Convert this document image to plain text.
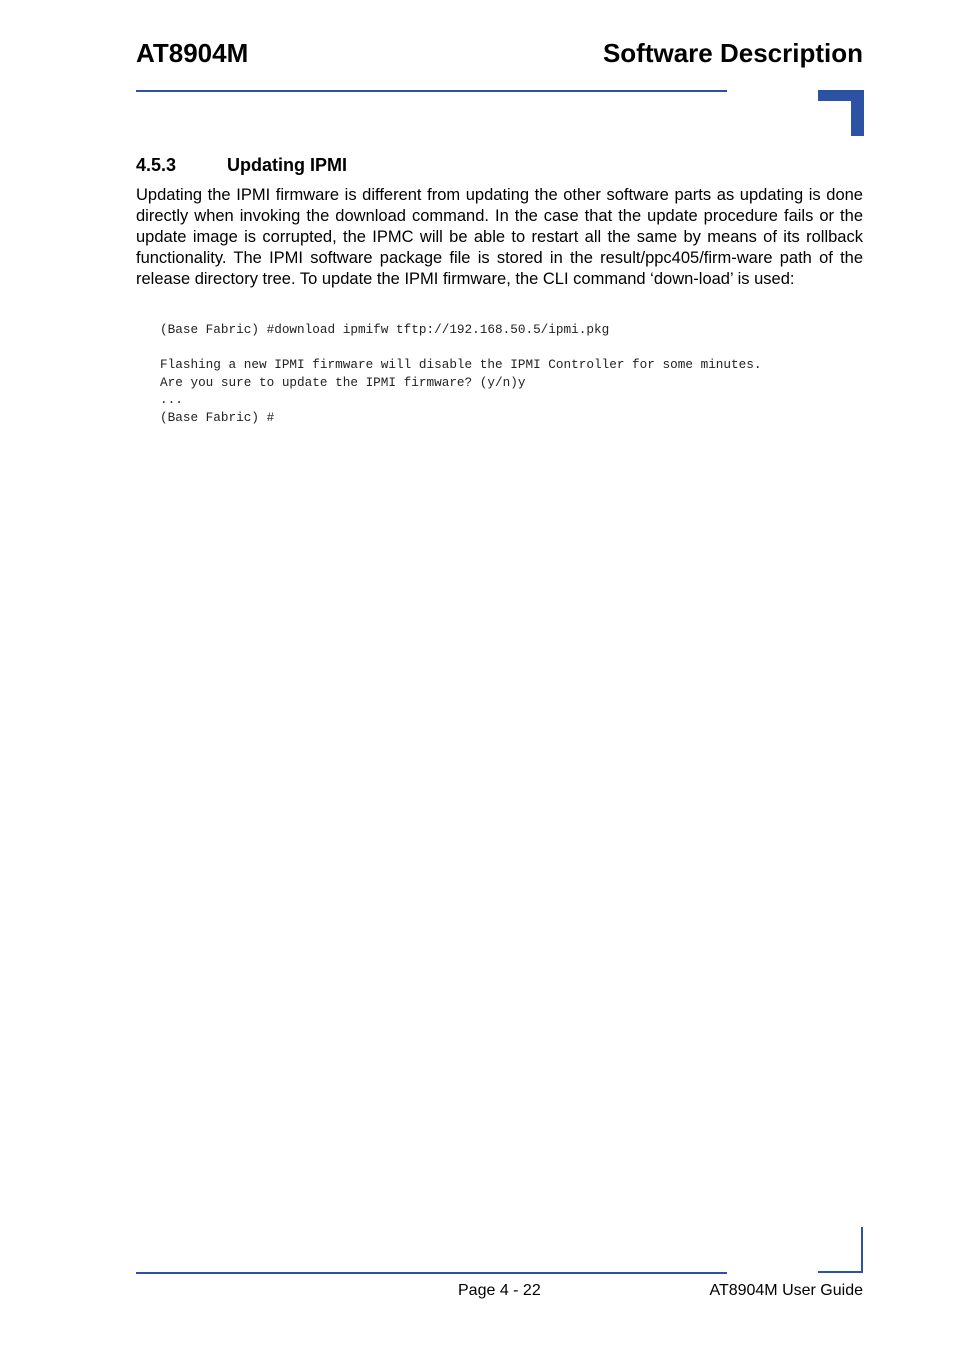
AT8904M	Software Description
4.5.3	Updating IPMI

Updating the IPMI firmware is different from updating the other software parts as updating is done directly when invoking the download command. In the case that the update procedure fails or the update image is corrupted, the IPMC will be able to restart all the same by means of its rollback functionality. The IPMI software package file is stored in the result/ppc405/firm-ware path of the release directory tree. To update the IPMI firmware, the CLI command ‘down-load’ is used:

(Base Fabric) #download ipmifw tftp://192.168.50.5/ipmi.pkg
Flashing a new IPMI firmware will disable the IPMI Controller for some minutes.
Are you sure to update the IPMI firmware? (y/n)y
...
(Base Fabric) #
Page 4 - 22	AT8904M User Guide
